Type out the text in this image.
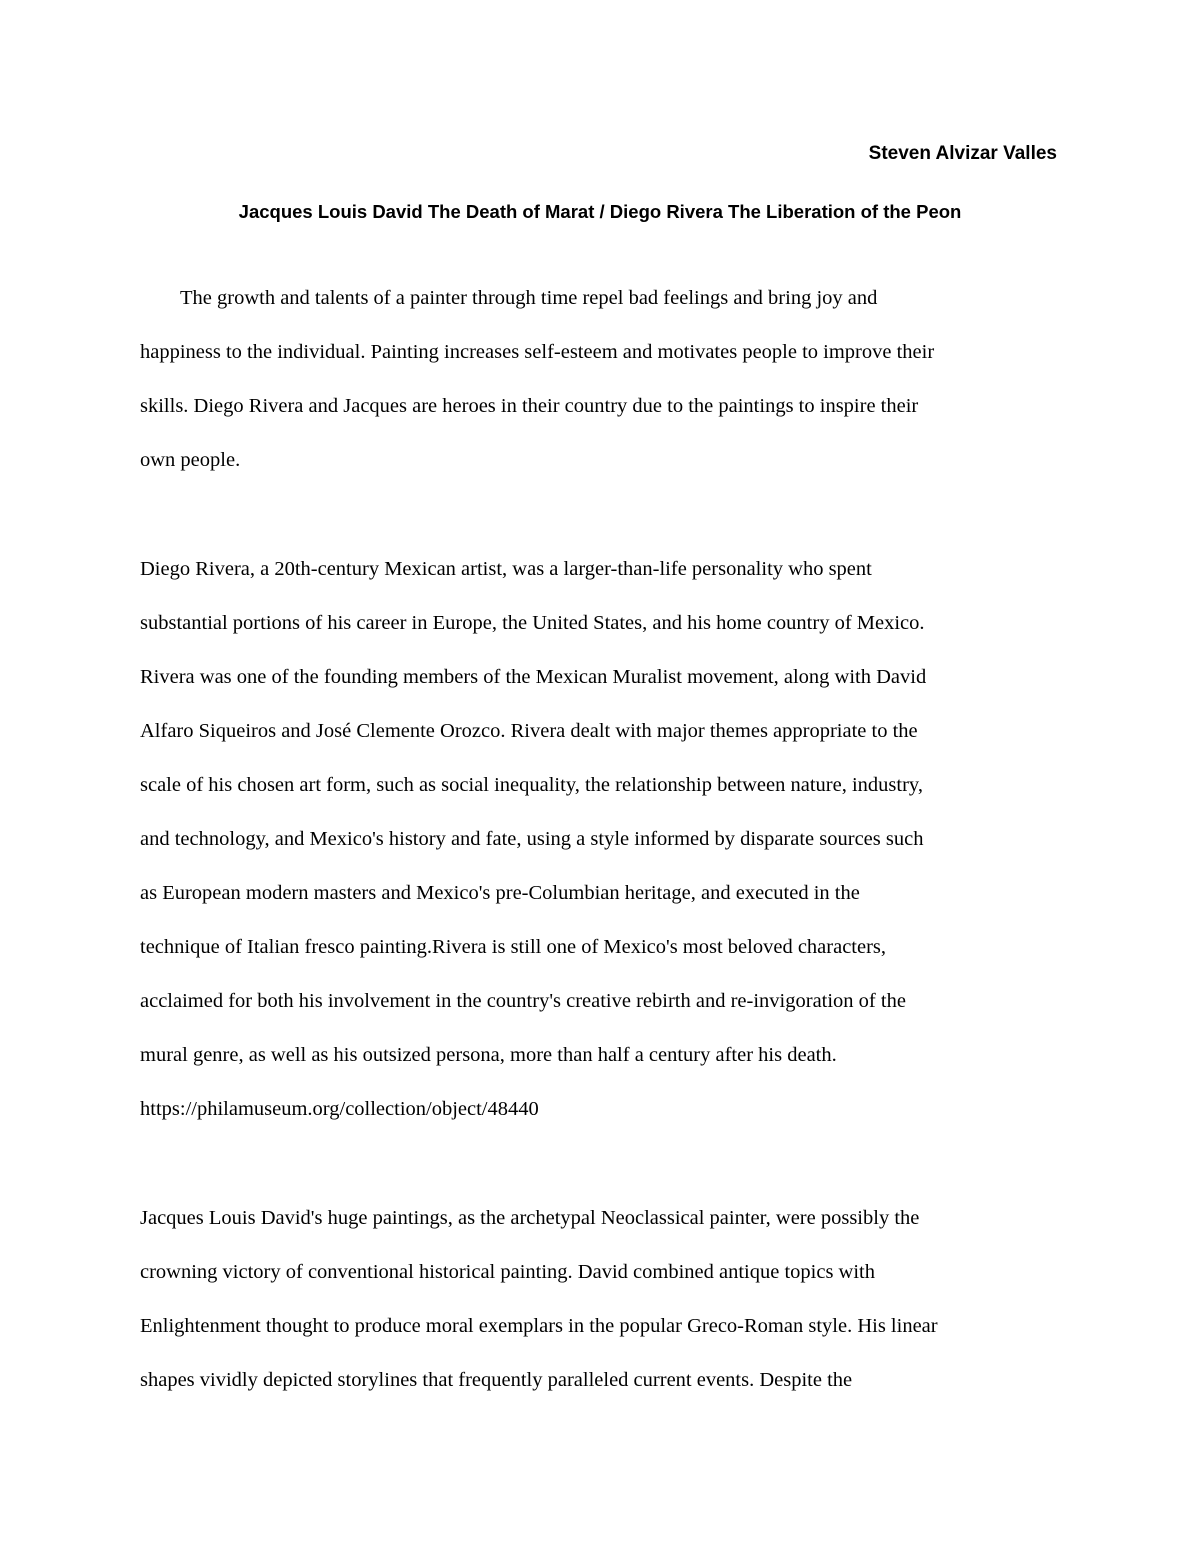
Steven Alvizar Valles
Jacques Louis David The Death of Marat / Diego Rivera The Liberation of the Peon
The growth and talents of a painter through time repel bad feelings and bring joy and
happiness to the individual. Painting increases self-esteem and motivates people to improve their
skills. Diego Rivera and Jacques are heroes in their country due to the paintings to inspire their
own people.
Diego Rivera, a 20th-century Mexican artist, was a larger-than-life personality who spent
substantial portions of his career in Europe, the United States, and his home country of Mexico.
Rivera was one of the founding members of the Mexican Muralist movement, along with David
Alfaro Siqueiros and José Clemente Orozco. Rivera dealt with major themes appropriate to the
scale of his chosen art form, such as social inequality, the relationship between nature, industry,
and technology, and Mexico's history and fate, using a style informed by disparate sources such
as European modern masters and Mexico's pre-Columbian heritage, and executed in the
technique of Italian fresco painting.Rivera is still one of Mexico's most beloved characters,
acclaimed for both his involvement in the country's creative rebirth and re-invigoration of the
mural genre, as well as his outsized persona, more than half a century after his death.
https://philamuseum.org/collection/object/48440
Jacques Louis David's huge paintings, as the archetypal Neoclassical painter, were possibly the
crowning victory of conventional historical painting. David combined antique topics with
Enlightenment thought to produce moral exemplars in the popular Greco-Roman style. His linear
shapes vividly depicted storylines that frequently paralleled current events. Despite the
